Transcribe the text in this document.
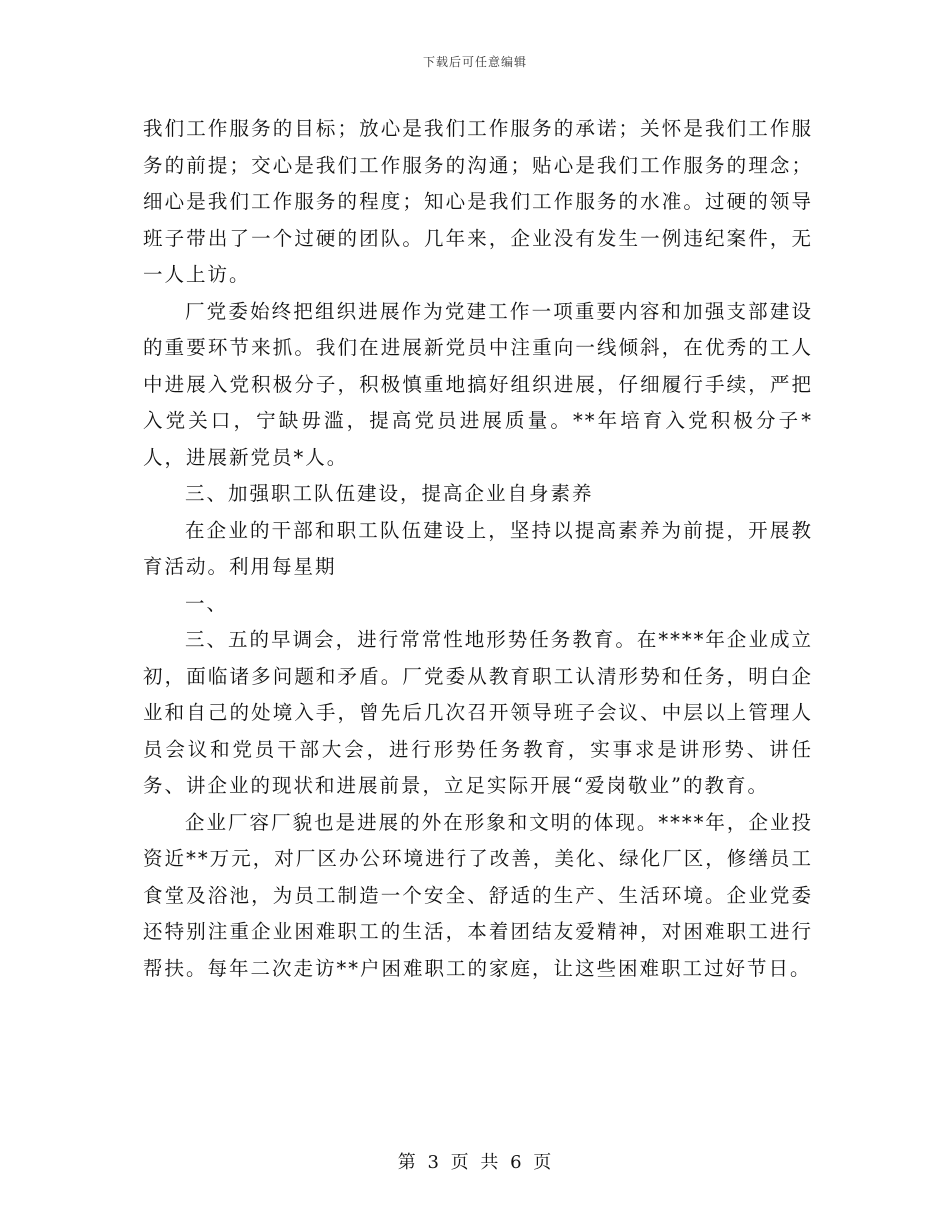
下载后可任意编辑

我们工作服务的目标；放心是我们工作服务的承诺；关怀是我们工作服务的前提；交心是我们工作服务的沟通；贴心是我们工作服务的理念；细心是我们工作服务的程度；知心是我们工作服务的水准。过硬的领导班子带出了一个过硬的团队。几年来，企业没有发生一例违纪案件，无一人上访。

厂党委始终把组织进展作为党建工作一项重要内容和加强支部建设的重要环节来抓。我们在进展新党员中注重向一线倾斜，在优秀的工人中进展入党积极分子，积极慎重地搞好组织进展，仔细履行手续，严把入党关口，宁缺毋滥，提高党员进展质量。**年培育入党积极分子*人，进展新党员*人。

三、加强职工队伍建设，提高企业自身素养

在企业的干部和职工队伍建设上，坚持以提高素养为前提，开展教育活动。利用每星期

一、

三、五的早调会，进行常常性地形势任务教育。在****年企业成立初，面临诸多问题和矛盾。厂党委从教育职工认清形势和任务，明白企业和自己的处境入手，曾先后几次召开领导班子会议、中层以上管理人员会议和党员干部大会，进行形势任务教育，实事求是讲形势、讲任务、讲企业的现状和进展前景，立足实际开展“爱岗敬业”的教育。

企业厂容厂貌也是进展的外在形象和文明的体现。****年，企业投资近**万元，对厂区办公环境进行了改善，美化、绿化厂区，修缮员工食堂及浴池，为员工制造一个安全、舒适的生产、生活环境。企业党委还特别注重企业困难职工的生活，本着团结友爱精神，对困难职工进行帮扶。每年二次走访**户困难职工的家庭，让这些困难职工过好节日。

第 3 页 共 6 页
